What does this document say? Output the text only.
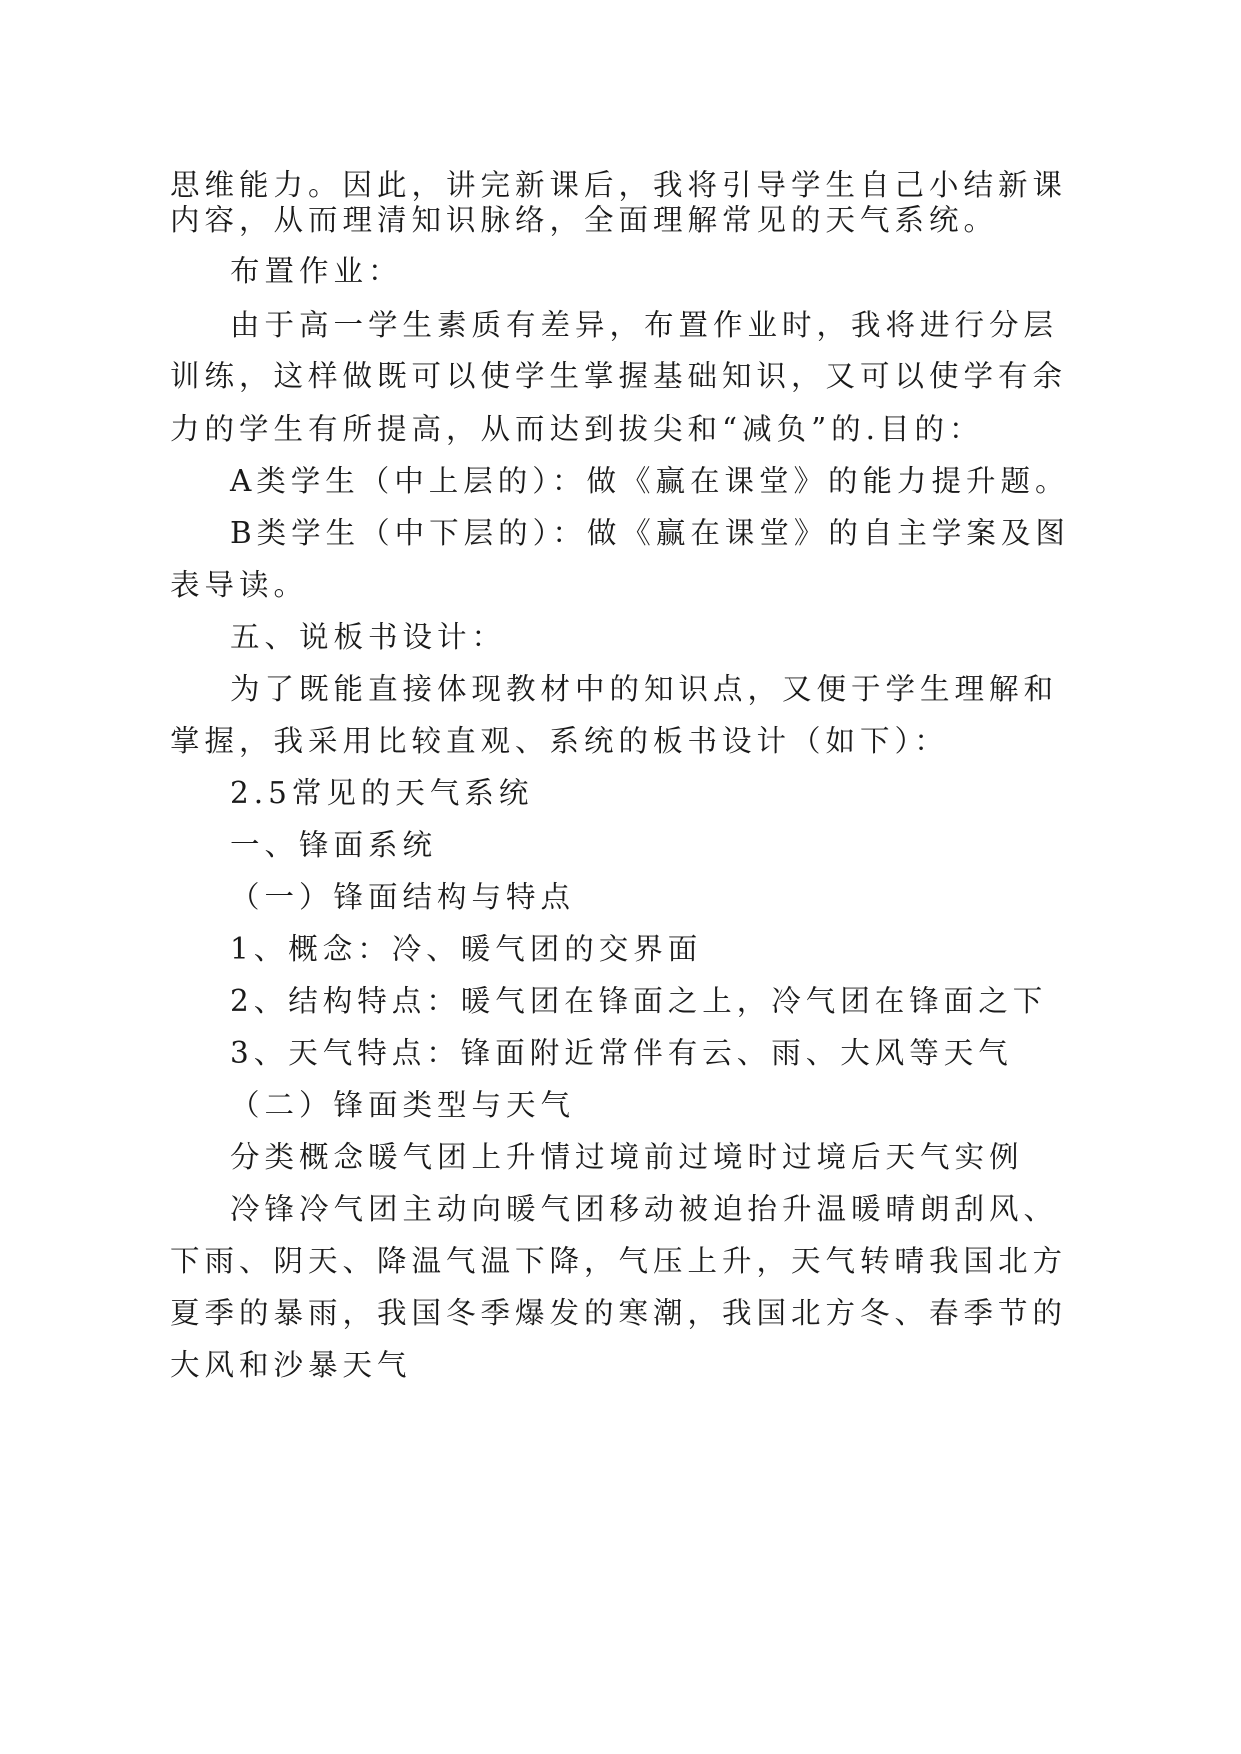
思维能力。因此，讲完新课后，我将引导学生自己小结新课
内容，从而理清知识脉络，全面理解常见的天气系统。
布置作业：
由于高一学生素质有差异，布置作业时，我将进行分层
训练，这样做既可以使学生掌握基础知识，又可以使学有余
力的学生有所提高，从而达到拔尖和“减负”的.目的：
A类学生（中上层的）：做《赢在课堂》的能力提升题。
B类学生（中下层的）：做《赢在课堂》的自主学案及图
表导读。
五、说板书设计：
为了既能直接体现教材中的知识点，又便于学生理解和
掌握，我采用比较直观、系统的板书设计（如下）：
2.5常见的天气系统
一、锋面系统
（一）锋面结构与特点
1、概念：冷、暖气团的交界面
2、结构特点：暖气团在锋面之上，冷气团在锋面之下
3、天气特点：锋面附近常伴有云、雨、大风等天气
（二）锋面类型与天气
分类概念暖气团上升情过境前过境时过境后天气实例
冷锋冷气团主动向暖气团移动被迫抬升温暖晴朗刮风、
下雨、阴天、降温气温下降，气压上升，天气转晴我国北方
夏季的暴雨，我国冬季爆发的寒潮，我国北方冬、春季节的
大风和沙暴天气
